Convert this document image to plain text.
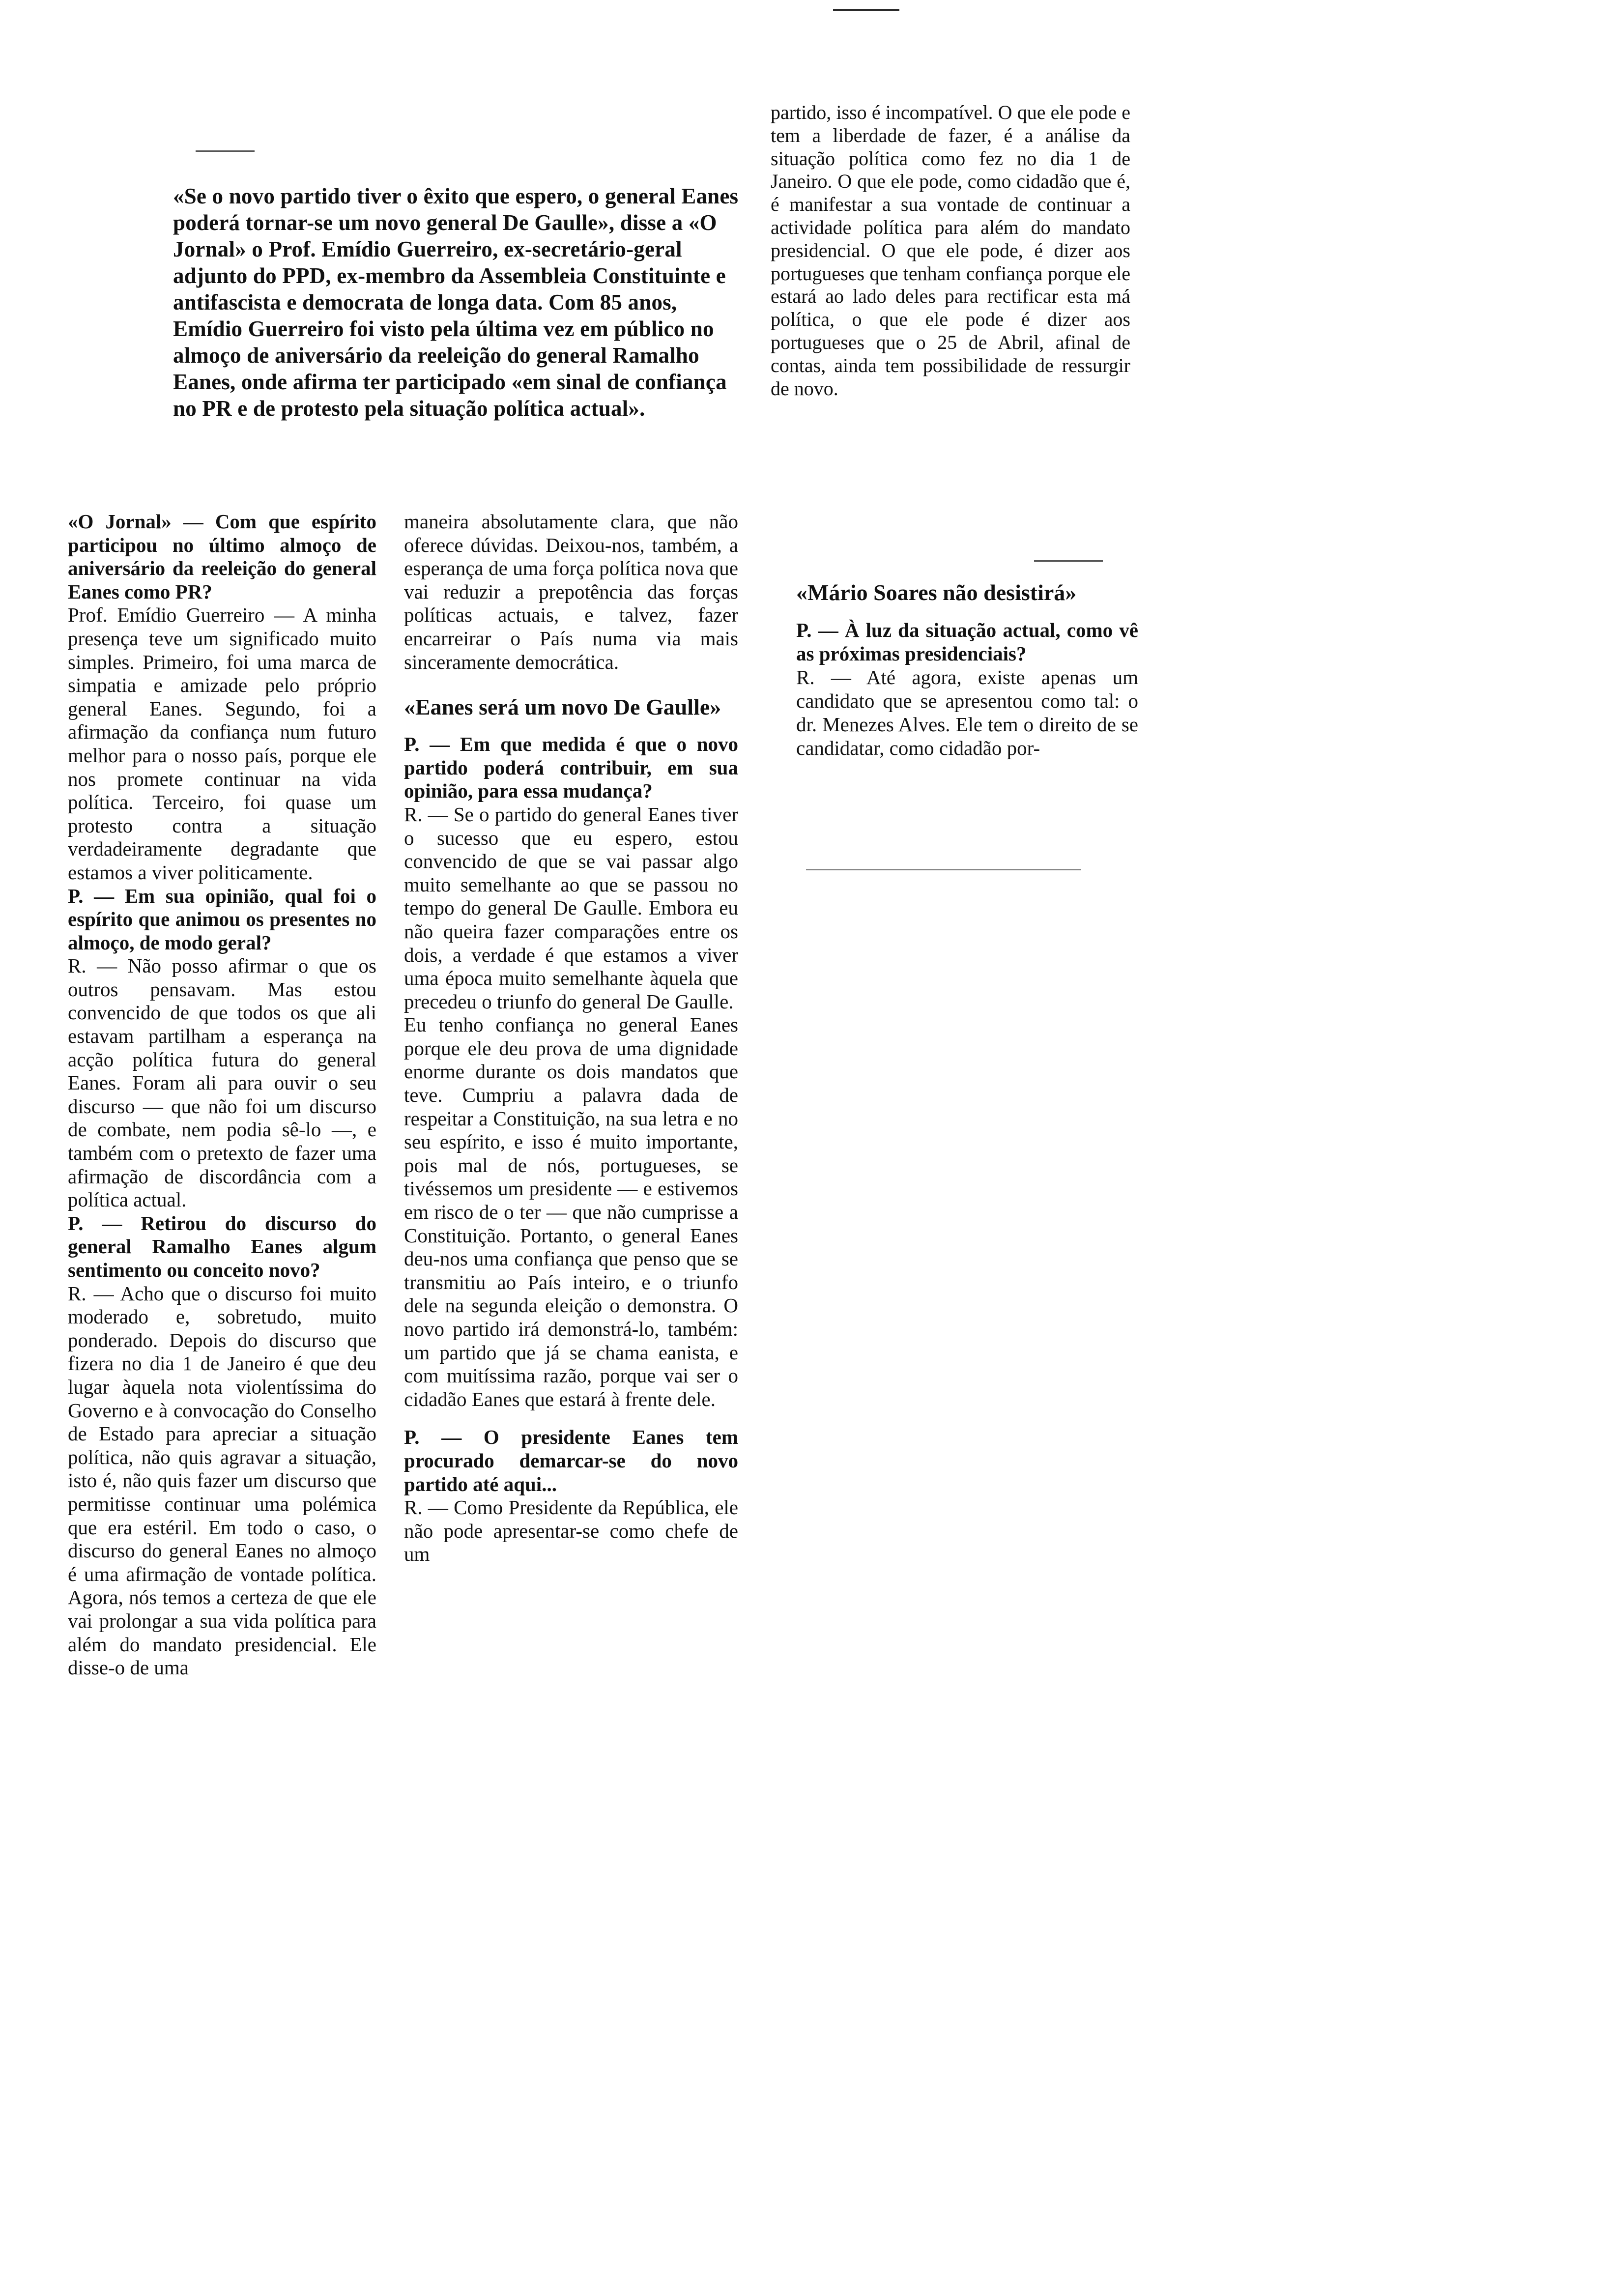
«Se o novo partido tiver o êxito que espero, o general Eanes poderá tornar-se um novo general De Gaulle», disse a «O Jornal» o Prof. Emídio Guerreiro, ex-secretário-geral adjunto do PPD, ex-membro da Assembleia Constituinte e antifascista e democrata de longa data. Com 85 anos, Emídio Guerreiro foi visto pela última vez em público no almoço de aniversário da reeleição do general Ramalho Eanes, onde afirma ter participado «em sinal de confiança no PR e de protesto pela situação política actual».

«O Jornal» — Com que espírito participou no último almoço de aniversário da reeleição do general Eanes como PR?

Prof. Emídio Guerreiro — A minha presença teve um significado muito simples. Primeiro, foi uma marca de simpatia e amizade pelo próprio general Eanes. Segundo, foi a afirmação da confiança num futuro melhor para o nosso país, porque ele nos promete continuar na vida política. Terceiro, foi quase um protesto contra a situação verdadeiramente degradante que estamos a viver politicamente.

P. — Em sua opinião, qual foi o espírito que animou os presentes no almoço, de modo geral?

R. — Não posso afirmar o que os outros pensavam. Mas estou convencido de que todos os que ali estavam partilham a esperança na acção política futura do general Eanes. Foram ali para ouvir o seu discurso — que não foi um discurso de combate, nem podia sê-lo —, e também com o pretexto de fazer uma afirmação de discordância com a política actual.

P. — Retirou do discurso do general Ramalho Eanes algum sentimento ou conceito novo?

R. — Acho que o discurso foi muito moderado e, sobretudo, muito ponderado. Depois do discurso que fizera no dia 1 de Janeiro é que deu lugar àquela nota violentíssima do Governo e à convocação do Conselho de Estado para apreciar a situação política, não quis agravar a situação, isto é, não quis fazer um discurso que permitisse continuar uma polémica que era estéril. Em todo o caso, o discurso do general Eanes no almoço é uma afirmação de vontade política. Agora, nós temos a certeza de que ele vai prolongar a sua vida política para além do mandato presidencial. Ele disse-o de uma

maneira absolutamente clara, que não oferece dúvidas. Deixou-nos, também, a esperança de uma força política nova que vai reduzir a prepotência das forças políticas actuais, e talvez, fazer encarreirar o País numa via mais sinceramente democrática.

«Eanes será um novo De Gaulle»

P. — Em que medida é que o novo partido poderá contribuir, em sua opinião, para essa mudança?

R. — Se o partido do general Eanes tiver o sucesso que eu espero, estou convencido de que se vai passar algo muito semelhante ao que se passou no tempo do general De Gaulle. Embora eu não queira fazer comparações entre os dois, a verdade é que estamos a viver uma época muito semelhante àquela que precedeu o triunfo do general De Gaulle.

Eu tenho confiança no general Eanes porque ele deu prova de uma dignidade enorme durante os dois mandatos que teve. Cumpriu a palavra dada de respeitar a Constituição, na sua letra e no seu espírito, e isso é muito importante, pois mal de nós, portugueses, se tivéssemos um presidente — e estivemos em risco de o ter — que não cumprisse a Constituição. Portanto, o general Eanes deu-nos uma confiança que penso que se transmitiu ao País inteiro, e o triunfo dele na segunda eleição o demonstra. O novo partido irá demonstrá-lo, também: um partido que já se chama eanista, e com muitíssima razão, porque vai ser o cidadão Eanes que estará à frente dele.

P. — O presidente Eanes tem procurado demarcar-se do novo partido até aqui...

R. — Como Presidente da República, ele não pode apresentar-se como chefe de um

partido, isso é incompatível. O que ele pode e tem a liberdade de fazer, é a análise da situação política como fez no dia 1 de Janeiro. O que ele pode, como cidadão que é, é manifestar a sua vontade de continuar a actividade política para além do mandato presidencial. O que ele pode, é dizer aos portugueses que tenham confiança porque ele estará ao lado deles para rectificar esta má política, o que ele pode é dizer aos portugueses que o 25 de Abril, afinal de contas, ainda tem possibilidade de ressurgir de novo.

«Mário Soares não desistirá»

P. — À luz da situação actual, como vê as próximas presidenciais?

R. — Até agora, existe apenas um candidato que se apresentou como tal: o dr. Menezes Alves. Ele tem o direito de se candidatar, como cidadão por-
